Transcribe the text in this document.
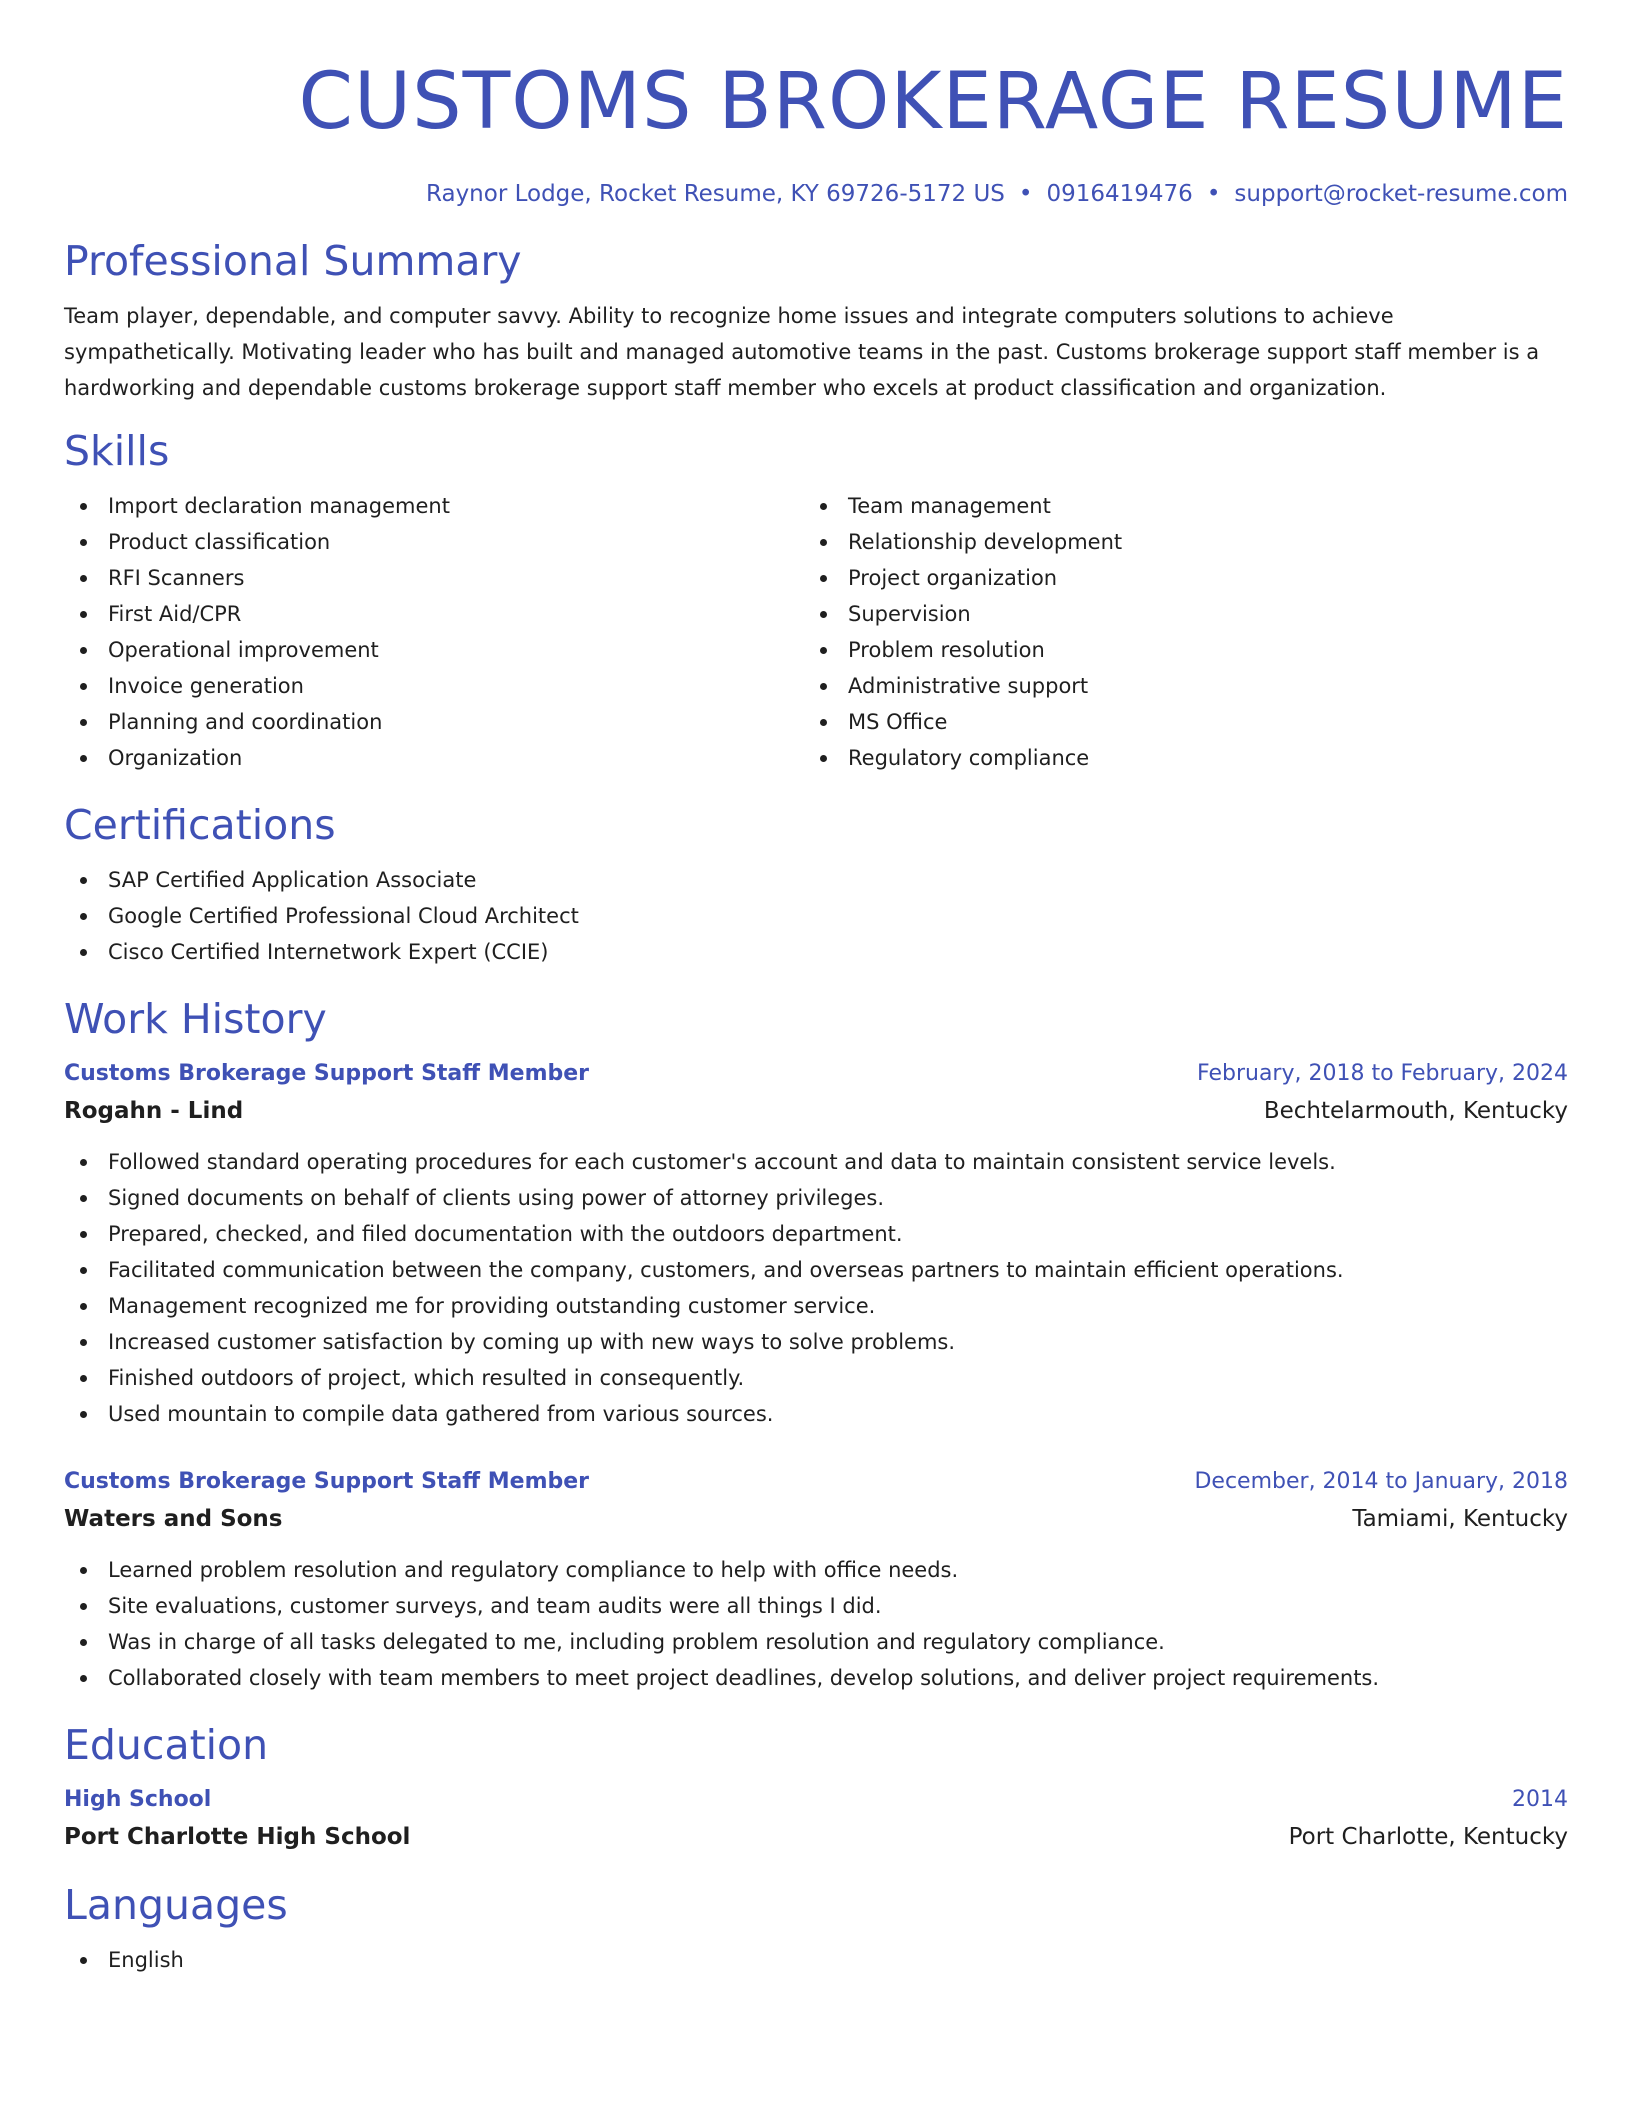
CUSTOMS BROKERAGE RESUME
Raynor Lodge, Rocket Resume, KY 69726-5172 US • 0916419476 • support@rocket-resume.com
Professional Summary

Team player, dependable, and computer savvy. Ability to recognize home issues and integrate computers solutions to achieve sympathetically. Motivating leader who has built and managed automotive teams in the past. Customs brokerage support staff member is a hardworking and dependable customs brokerage support staff member who excels at product classification and organization.

Skills
Import declaration management
Product classification
RFI Scanners
First Aid/CPR
Operational improvement
Invoice generation
Planning and coordination
Organization
Team management
Relationship development
Project organization
Supervision
Problem resolution
Administrative support
MS Office
Regulatory compliance
Certifications
SAP Certified Application Associate
Google Certified Professional Cloud Architect
Cisco Certified Internetwork Expert (CCIE)
Work History
Customs Brokerage Support Staff Member	February, 2018 to February, 2024
Rogahn - Lind	Bechtelarmouth, Kentucky
Followed standard operating procedures for each customer's account and data to maintain consistent service levels.
Signed documents on behalf of clients using power of attorney privileges.
Prepared, checked, and filed documentation with the outdoors department.
Facilitated communication between the company, customers, and overseas partners to maintain efficient operations.
Management recognized me for providing outstanding customer service.
Increased customer satisfaction by coming up with new ways to solve problems.
Finished outdoors of project, which resulted in consequently.
Used mountain to compile data gathered from various sources.
Customs Brokerage Support Staff Member	December, 2014 to January, 2018
Waters and Sons	Tamiami, Kentucky
Learned problem resolution and regulatory compliance to help with office needs.
Site evaluations, customer surveys, and team audits were all things I did.
Was in charge of all tasks delegated to me, including problem resolution and regulatory compliance.
Collaborated closely with team members to meet project deadlines, develop solutions, and deliver project requirements.
Education
High School	2014
Port Charlotte High School	Port Charlotte, Kentucky
Languages
English
